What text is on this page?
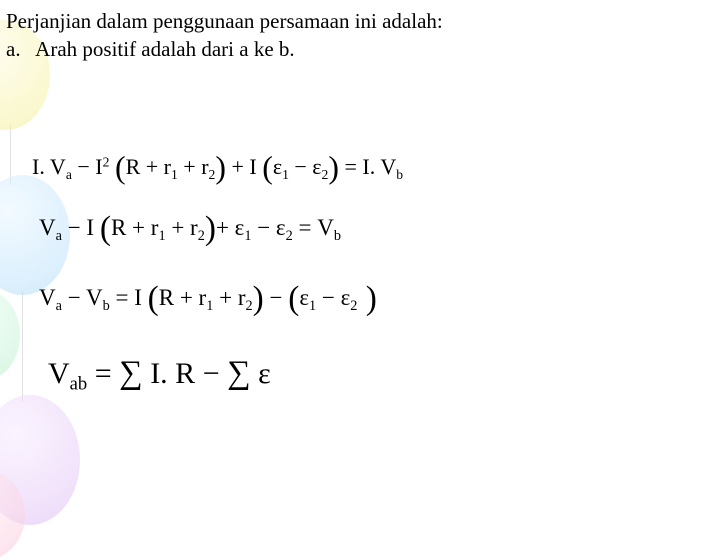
Perjanjian dalam penggunaan persamaan ini adalah:
a.   Arah positif adalah dari a ke b.
I. $V_a - I^2$ $(R + r_1 + r_2) + I$ $(\varepsilon_1 - \varepsilon_2) = I$. $V_b$
$V_a - I$ $(R + r_1 + r_2)+ \varepsilon_1 - \varepsilon_2 = V_b$
$V_a - V_b = I$ $(R + r_1 + r_2) - (\varepsilon_1 - \varepsilon_2$ )
$V_{ab}$ = ∑ I. R − ∑ ε
